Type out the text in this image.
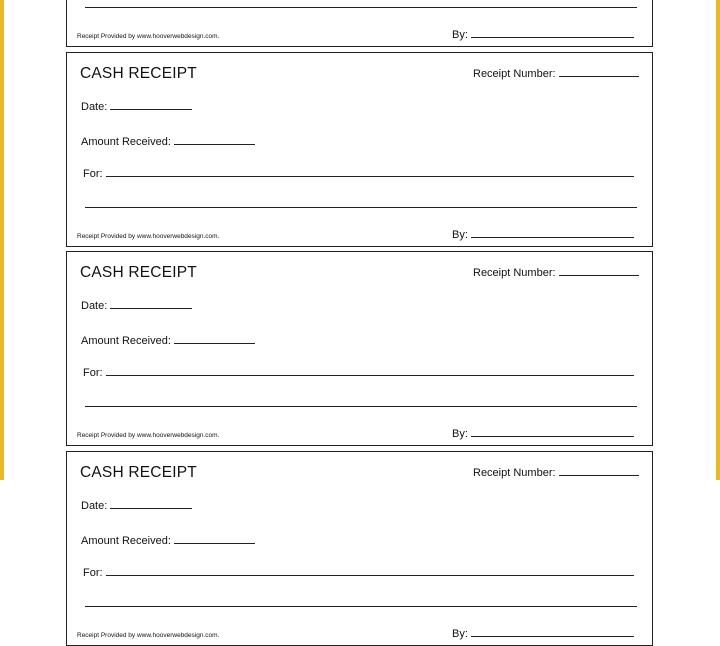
By:
Receipt Provided by www.hooverwebdesign.com.
CASH RECEIPT	Receipt Number:
Date:
Amount Received:
For:
By:
Receipt Provided by www.hooverwebdesign.com.
CASH RECEIPT	Receipt Number:
Date:
Amount Received:
For:
By:
Receipt Provided by www.hooverwebdesign.com.
CASH RECEIPT	Receipt Number:
Date:
Amount Received:
For:
By:
Receipt Provided by www.hooverwebdesign.com.
